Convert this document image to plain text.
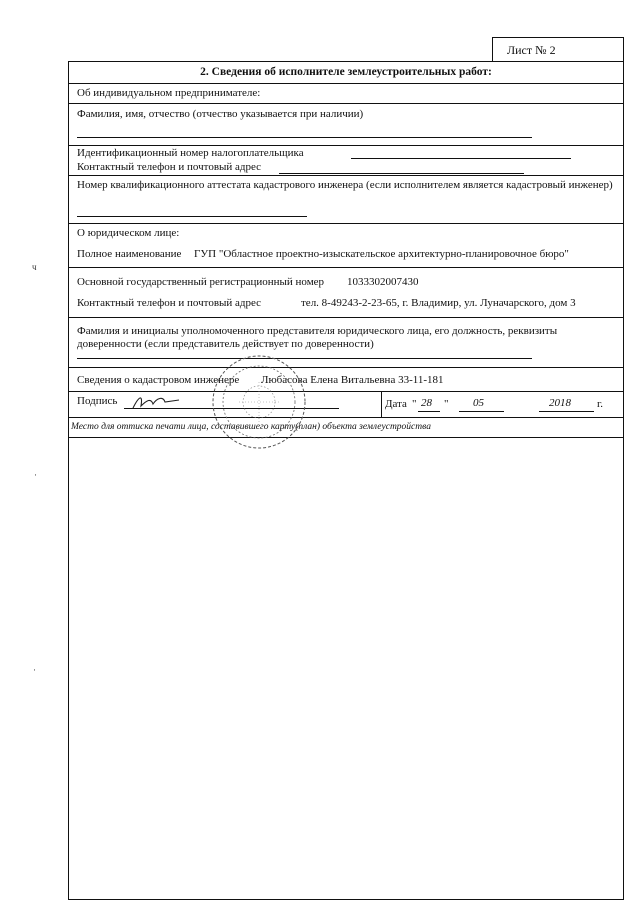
Лист № 2
2. Сведения об исполнителе землеустроительных работ:
Об индивидуальном предпринимателе:
Фамилия, имя, отчество (отчество указывается при наличии)
Идентификационный номер налогоплательщика
Контактный телефон и почтовый адрес
Номер квалификационного аттестата кадастрового инженера (если исполнителем является кадастровый инженер)
О юридическом лице:
Полное наименование ГУП "Областное проектно-изыскательское архитектурно-планировочное бюро"
Основной государственный регистрационный номер 1033302007430
Контактный телефон и почтовый адрес	тел. 8-49243-2-23-65, г. Владимир, ул. Луначарского, дом 3
Фамилия и инициалы уполномоченного представителя юридического лица, его должность, реквизиты доверенности (если представитель действует по доверенности)
Сведения о кадастровом инженере Любасова Елена Витальевна 33-11-181
Подпись	Дата " 28 " 05	2018 г.
Место для оттиска печати лица, составившего карту(план) объекта землеустройства
ч
·
·
